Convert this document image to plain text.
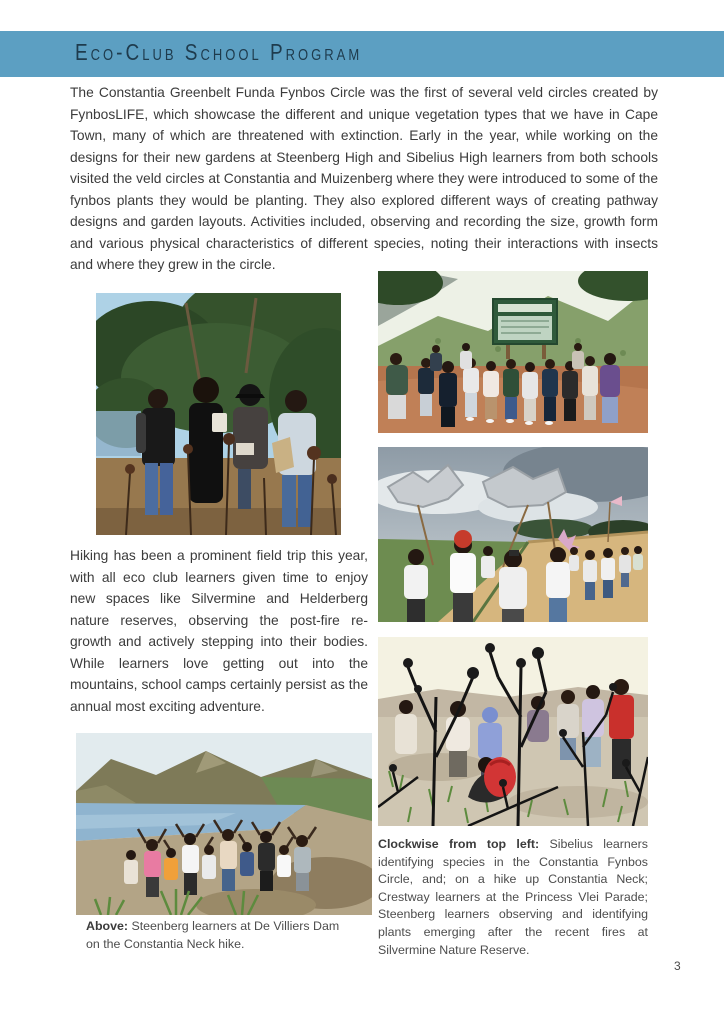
Eco-Club School Program

The Constantia Greenbelt Funda Fynbos Circle was the first of several veld circles created by FynbosLIFE, which showcase the different and unique vegetation types that we have in Cape Town, many of which are threatened with extinction. Early in the year, while working on the designs for their new gardens at Steenberg High and Sibelius High learners from both schools visited the veld circles at Constantia and Muizenberg where they were introduced to some of the fynbos plants they would be planting. They also explored different ways of creating pathway designs and garden layouts. Activities included, observing and recording the size, growth form and various physical characteristics of different species, noting their interactions with insects and where they grew in the circle.

Hiking has been a prominent field trip this year, with all eco club learners given time to enjoy new spaces like Silvermine and Helderberg nature reserves, observing the post-fire re-growth and actively stepping into their bodies. While learners love getting out into the mountains, school camps certainly persist as the annual most exciting adventure.

Above: Steenberg learners at De Villiers Dam on the Constantia Neck hike.

Clockwise from top left: Sibelius learners identifying species in the Constantia Fynbos Circle, and; on a hike up Constantia Neck; Crestway learners at the Princess Vlei Parade; Steenberg learners observing and identifying plants emerging after the recent fires at Silvermine Nature Reserve.

3
